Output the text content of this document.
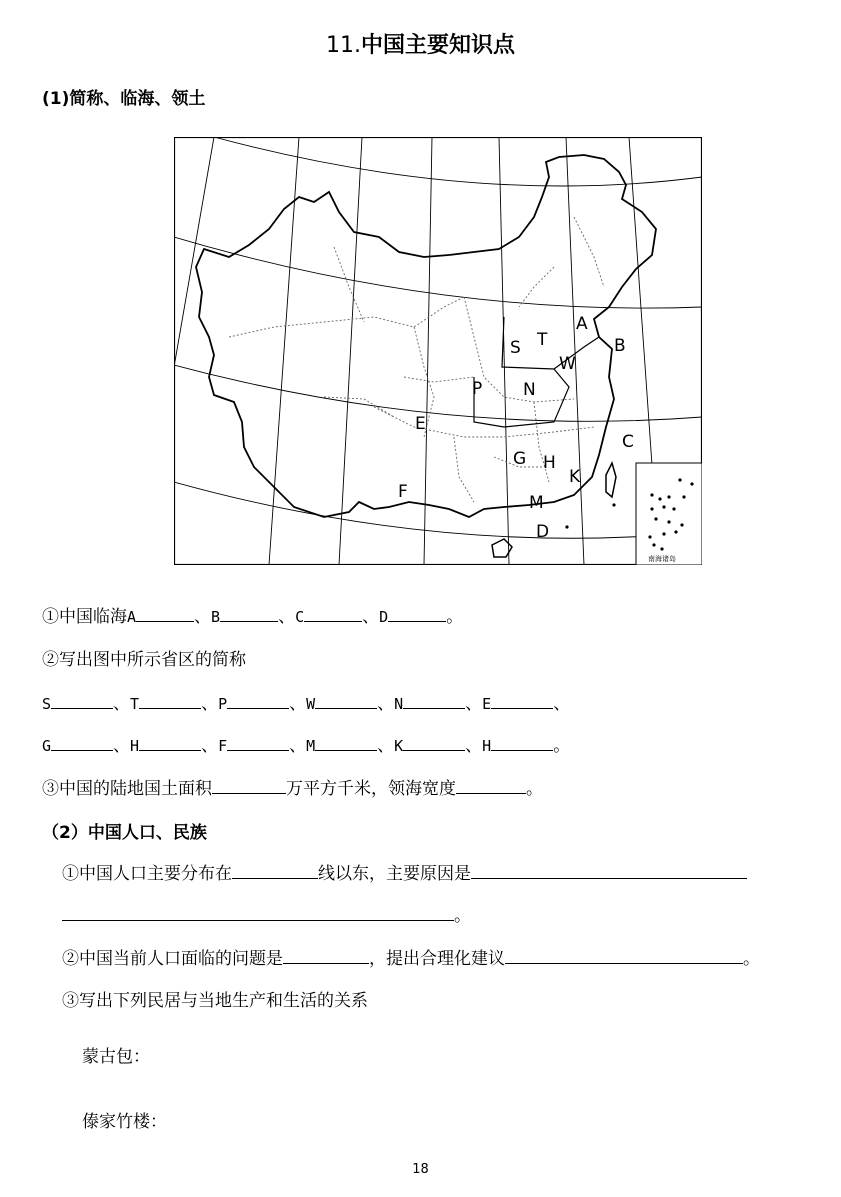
11.中国主要知识点
(1)简称、临海、领土
南海诸岛
A
B
C
D
S T
W
P N
E
G H
K
M
F
①中国临海A	、B	、C	、D	。
②写出图中所示省区的简称
S	、T	、P	、W	、N	、E	、
G	、H	、F	、M	、K	、H	。
③中国的陆地国土面积	万平方千米，领海宽度	。
（2）中国人口、民族
①中国人口主要分布在	线以东，主要原因是
。
②中国当前人口面临的问题是	，提出合理化建议	。
③写出下列民居与当地生产和生活的关系
蒙古包：
傣家竹楼：
18
